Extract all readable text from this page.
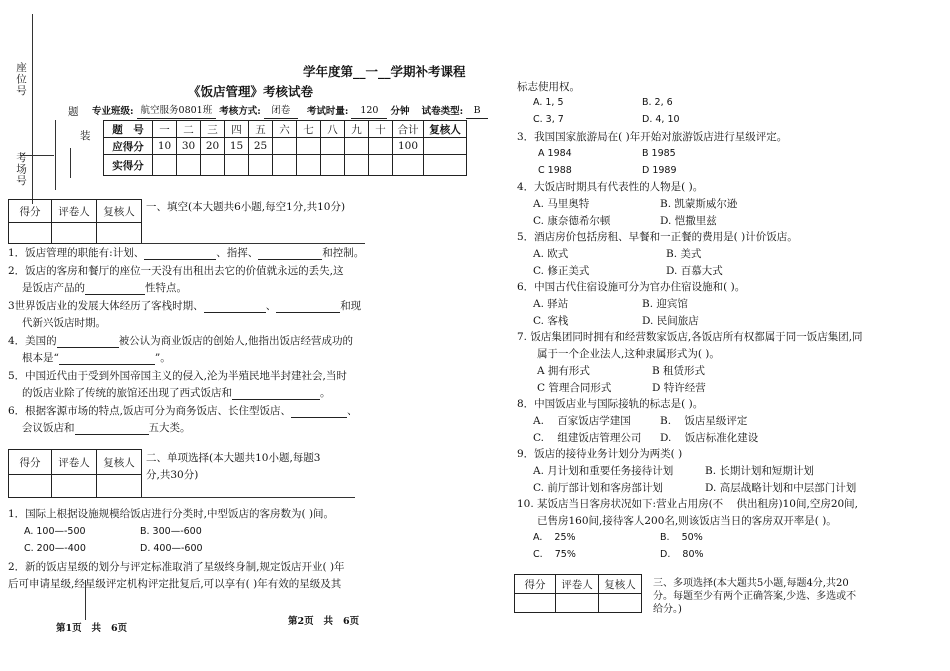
座位号
考场号
题
装
学年度第__一__学期补考课程
《饭店管理》考核试卷
专业班级: 航空服务0801班 考核方式: 闭卷 考试时量: 120 分钟 试卷类型: B
题　号	一	二	三	四	五	六	七	八	九	十	合计	复核人
应得分	10	30	20	15	25						100	
实得分												
得分	评卷人	复核人
		一、填空(本大题共6小题,每空1分,共10分)
1．饭店管理的职能有:计划、	、指挥、	和控制。
2．饭店的客房和餐厅的座位一天没有出租出去它的价值就永远的丢失,这
是饭店产品的	性特点。
3世界饭店业的发展大体经历了客栈时期、	、	和现
代新兴饭店时期。
4．美国的	被公认为商业饭店的创始人,他指出饭店经营成功的
根本是“	”。
5．中国近代由于受到外国帝国主义的侵入,沦为半殖民地半封建社会,当时
的饭店业除了传统的旅馆还出现了西式饭店和	。
6．根据客源市场的特点,饭店可分为商务饭店、长住型饭店、	、
会议饭店和	五大类。
得分	评卷人	复核人
		二、单项选择(本大题共10小题,每题3
分,共30分)
1．国际上根据设施规模给饭店进行分类时,中型饭店的客房数为( )间。
A. 100—-500	B. 300—-600
C. 200—-400	D. 400—-600
2．新的饭店星级的划分与评定标准取消了星级终身制,规定饭店开业( )年
后可申请星级,经星级评定机构评定批复后,可以享有( )年有效的星级及其
第1页   共   6页
第2页   共   6页
标志使用权。
A. 1, 5	B. 2, 6
C. 3, 7	D. 4, 10
3．我国国家旅游局在( )年开始对旅游饭店进行星级评定。
A 1984	B 1985
C 1988	D 1989
4．大饭店时期具有代表性的人物是( )。
A. 马里奥特	B. 凯蒙斯威尔逊
C. 康奈德希尔顿	D. 恺撒里兹
5．酒店房价包括房租、早餐和一正餐的费用是( )计价饭店。
A. 欧式	B. 美式
C. 修正美式	D. 百慕大式
6．中国古代住宿设施可分为官办住宿设施和( )。
A. 驿站	B. 迎宾馆
C. 客栈	D. 民间旅店
7. 饭店集团同时拥有和经营数家饭店,各饭店所有权都属于同一饭店集团,同
属于一个企业法人,这种隶属形式为( )。
A 拥有形式	B 租赁形式
C 管理合同形式	D 特许经营
8．中国饭店业与国际接轨的标志是( )。
A.    百家饭店学建国	B.    饭店星级评定
C.    组建饭店管理公司 D.    饭店标准化建设
9．饭店的接待业务计划分为两类( )
A. 月计划和重要任务接待计划	B. 长期计划和短期计划
C. 前厅部计划和客房部计划	D. 高层战略计划和中层部门计划
10. 某饭店当日客房状况如下:营业占用房(不    供出租房)10间,空房20间,
已售房160间,接待客人200名,则该饭店当日的客房双开率是( )。
A.    25%	B.    50%
C.    75%	D.    80%
得分	评卷人	复核人
		三、多项选择(本大题共5小题,每题4分,共20
分。每题至少有两个正确答案,少选、多选或不
给分。)
